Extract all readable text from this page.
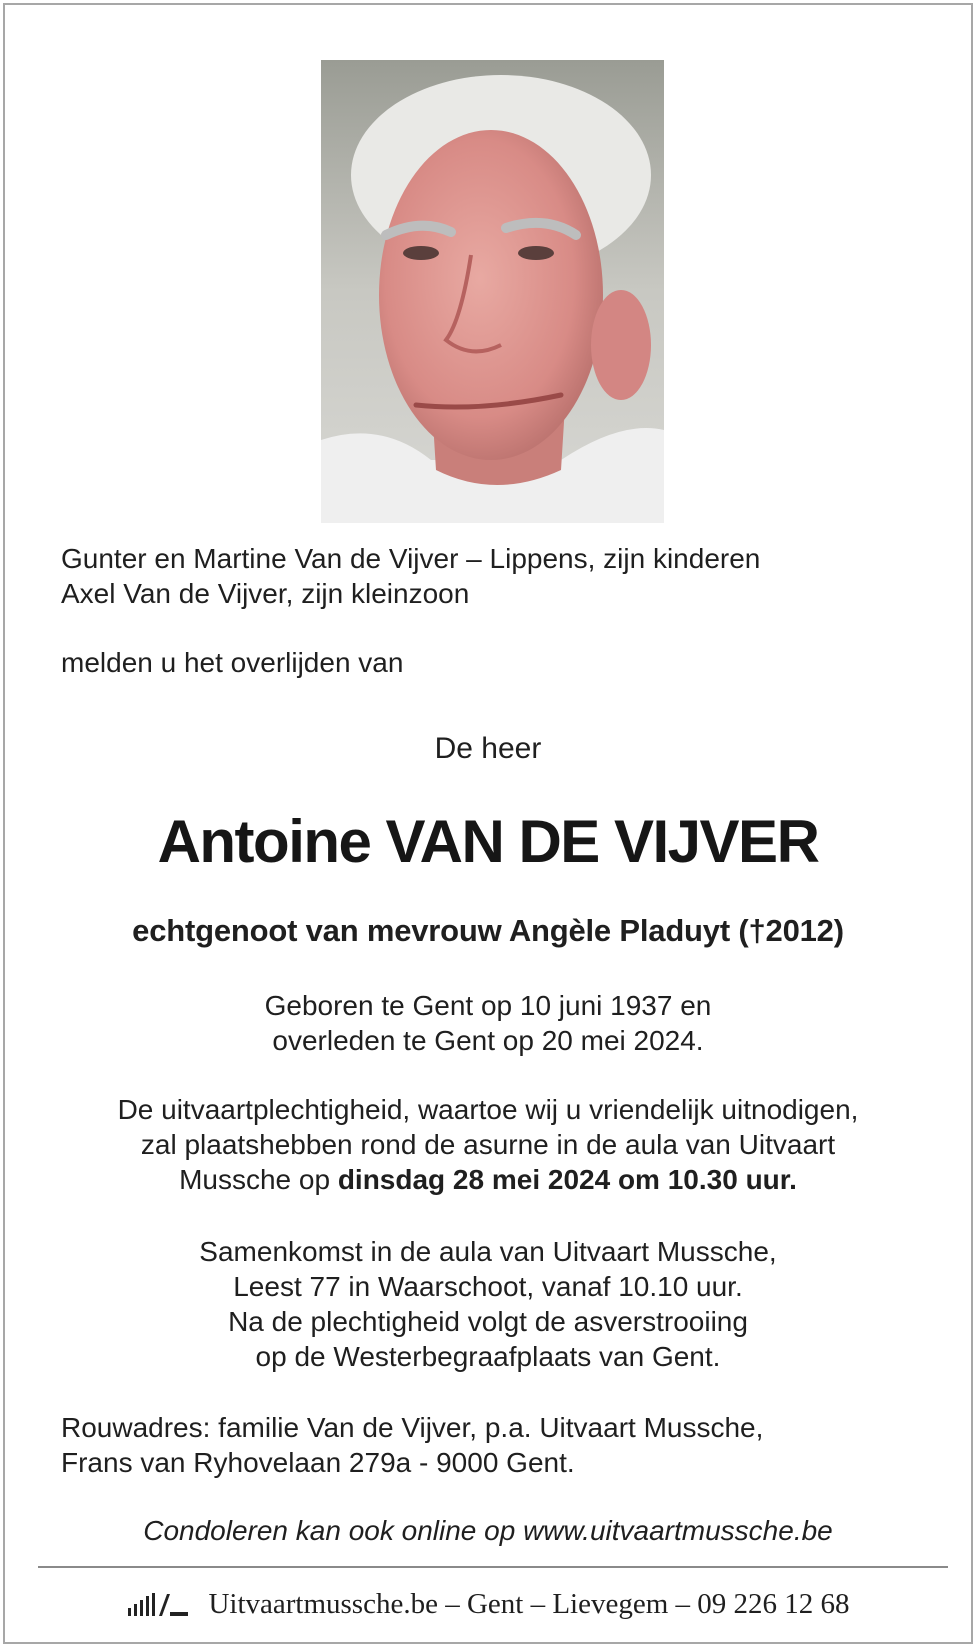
Gunter en Martine Van de Vijver – Lippens, zijn kinderen
Axel Van de Vijver, zijn kleinzoon
melden u het overlijden van
De heer
Antoine VAN DE VIJVER
echtgenoot van mevrouw Angèle Pladuyt (†2012)
Geboren te Gent op 10 juni 1937 en
overleden te Gent op 20 mei 2024.
De uitvaartplechtigheid, waartoe wij u vriendelijk uitnodigen,
zal plaatshebben rond de asurne in de aula van Uitvaart
Mussche op dinsdag 28 mei 2024 om 10.30 uur.
Samenkomst in de aula van Uitvaart Mussche,
Leest 77 in Waarschoot, vanaf 10.10 uur.
Na de plechtigheid volgt de asverstrooiing
op de Westerbegraafplaats van Gent.
Rouwadres: familie Van de Vijver, p.a. Uitvaart Mussche,
Frans van Ryhovelaan 279a - 9000 Gent.
Condoleren kan ook online op www.uitvaartmussche.be
Uitvaartmussche.be – Gent – Lievegem – 09 226 12 68
